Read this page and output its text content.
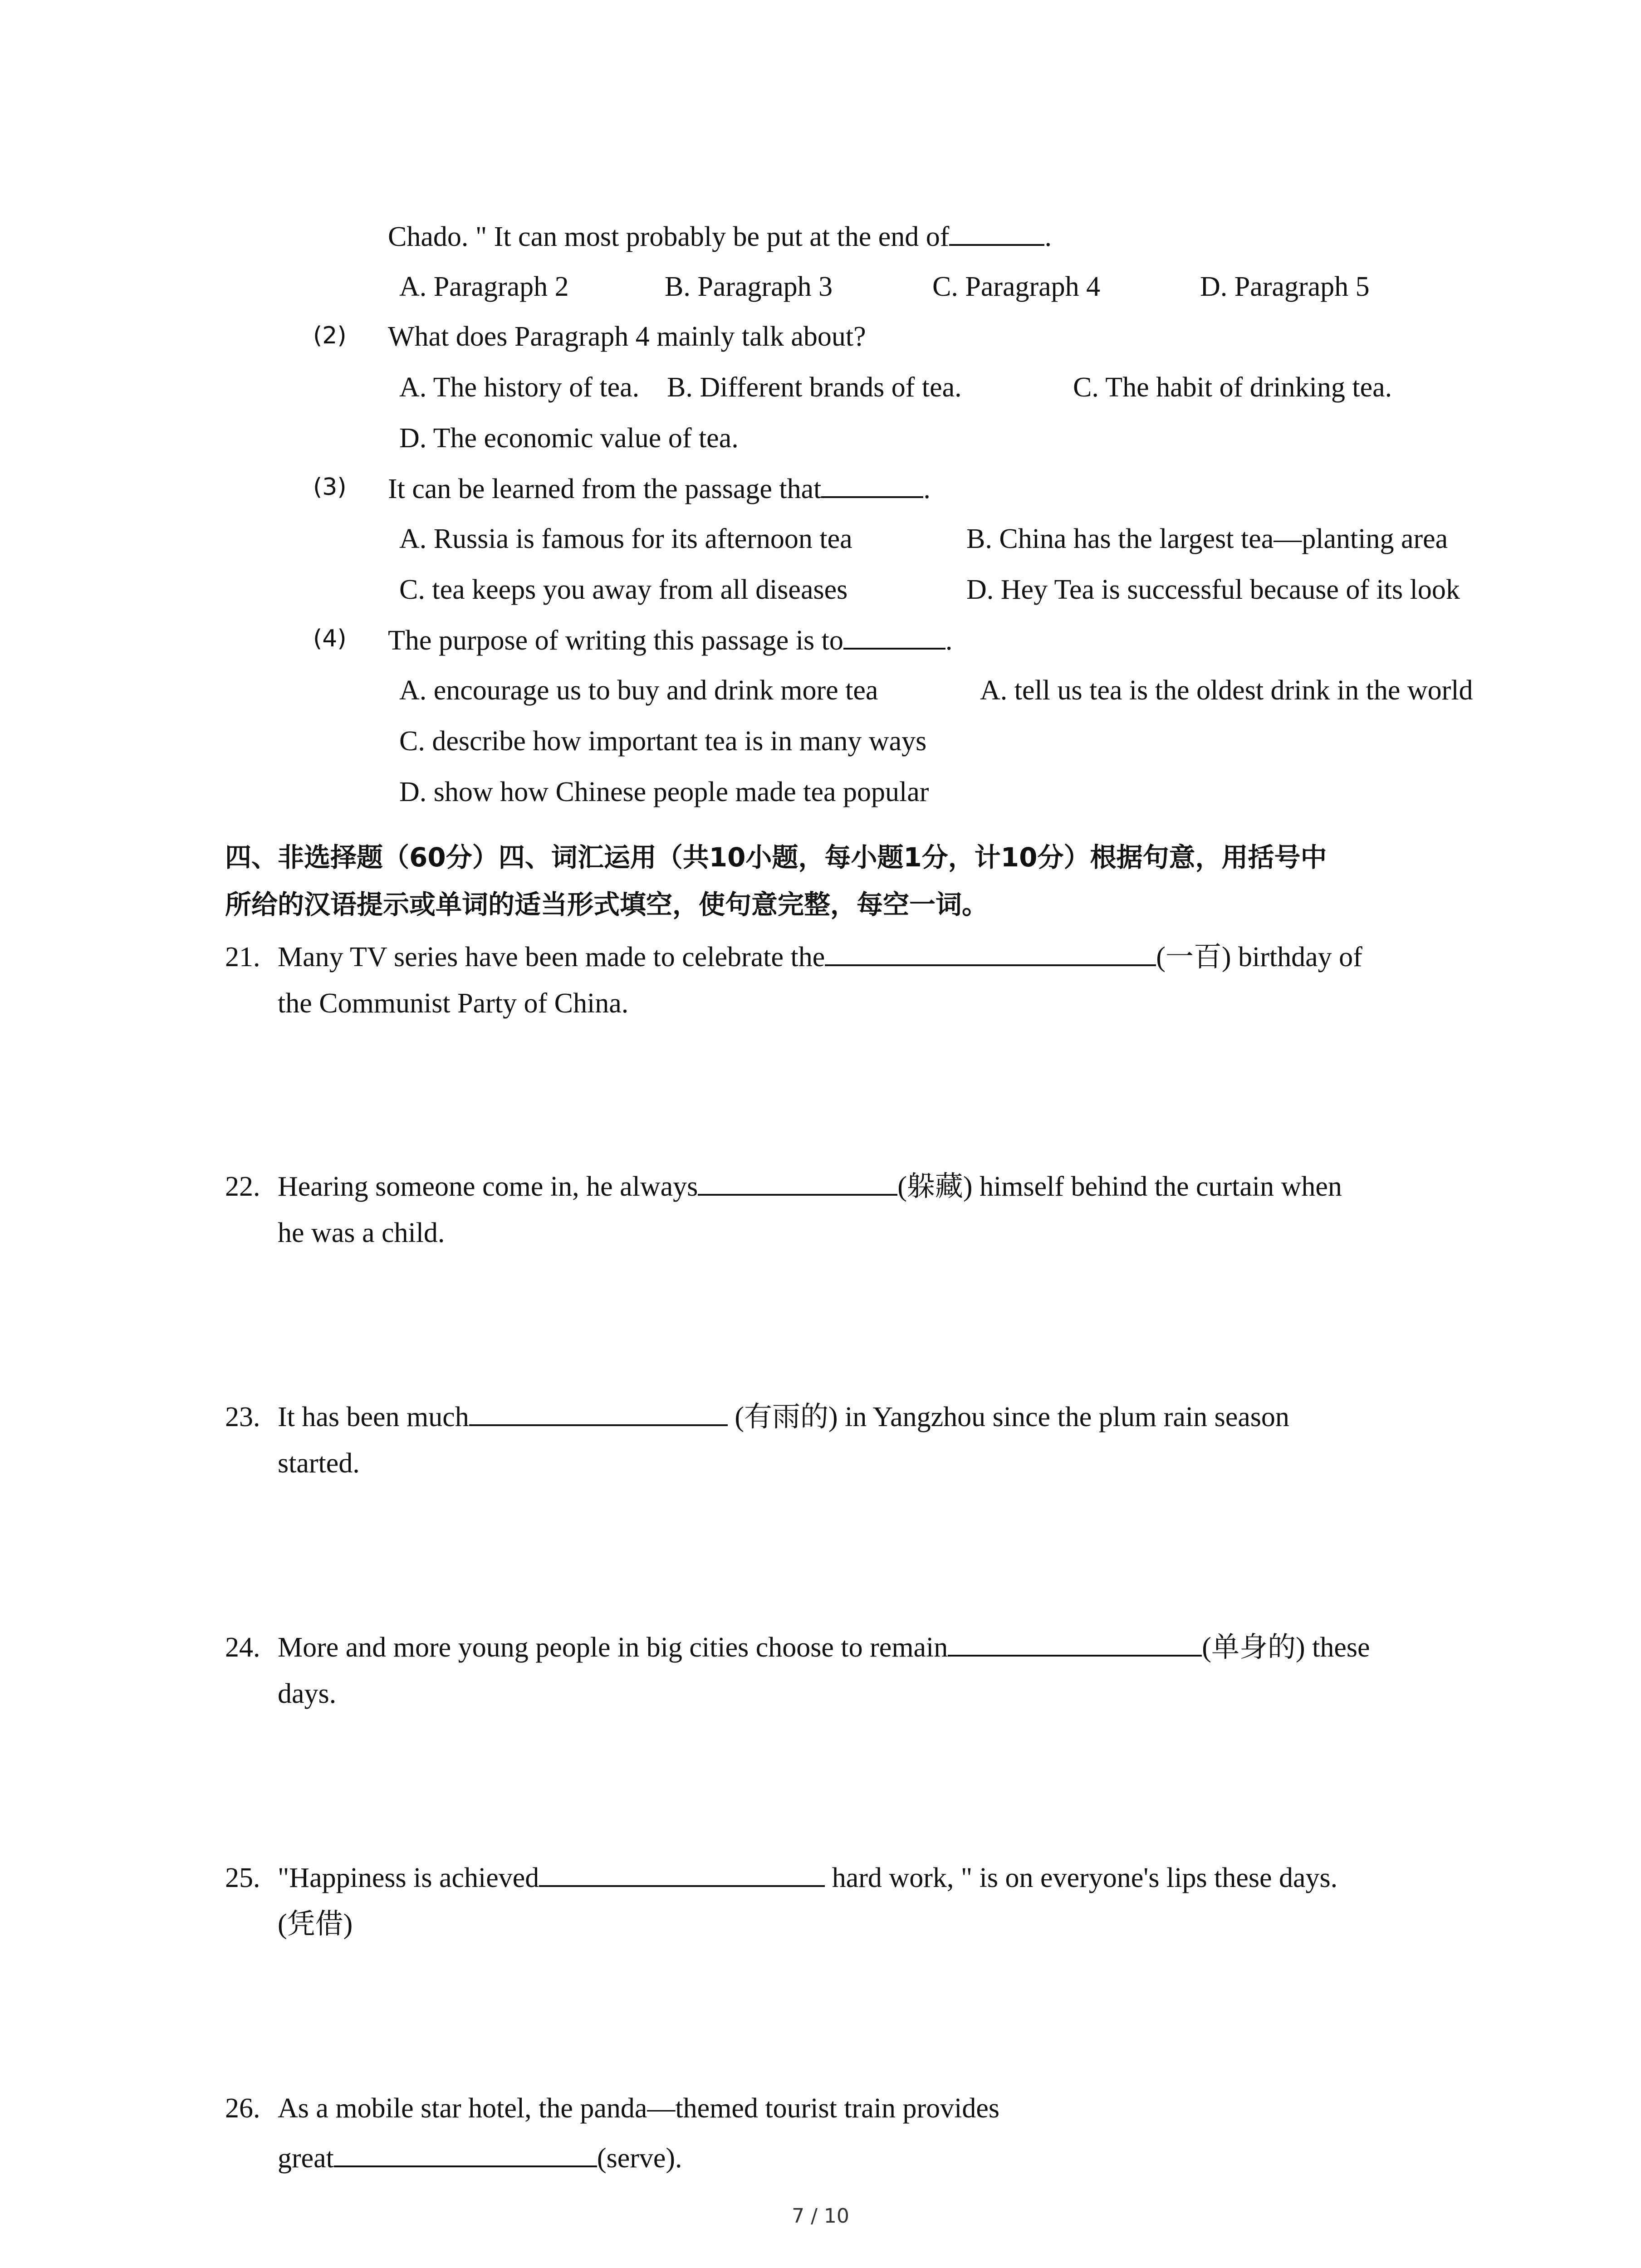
Chado. " It can most probably be put at the end of	.
A. Paragraph 2	B. Paragraph 3	C. Paragraph 4	D. Paragraph 5
(2) What does Paragraph 4 mainly talk about?
A. The history of tea. B. Different brands of tea.	C. The habit of drinking tea.
D. The economic value of tea.
(3) It can be learned from the passage that	.
A. Russia is famous for its afternoon tea	B. China has the largest tea—planting area
C. tea keeps you away from all diseases	D. Hey Tea is successful because of its look
(4) The purpose of writing this passage is to	.
A. encourage us to buy and drink more tea	A. tell us tea is the oldest drink in the world
C. describe how important tea is in many ways
D. show how Chinese people made tea popular
四、非选择题（60分）四、词汇运用（共10小题，每小题1分，计10分）根据句意，用括号中
所给的汉语提示或单词的适当形式填空，使句意完整，每空一词。
21. Many TV series have been made to celebrate the	(一百) birthday of
the Communist Party of China.
22. Hearing someone come in, he always	(躲藏) himself behind the curtain when
he was a child.
23. It has been much	(有雨的) in Yangzhou since the plum rain season
started.
24. More and more young people in big cities choose to remain	(单身的) these
days.
25. "Happiness is achieved	hard work, " is on everyone's lips these days.
(凭借)
26. As a mobile star hotel, the panda—themed tourist train provides
great	(serve).
7 / 10
